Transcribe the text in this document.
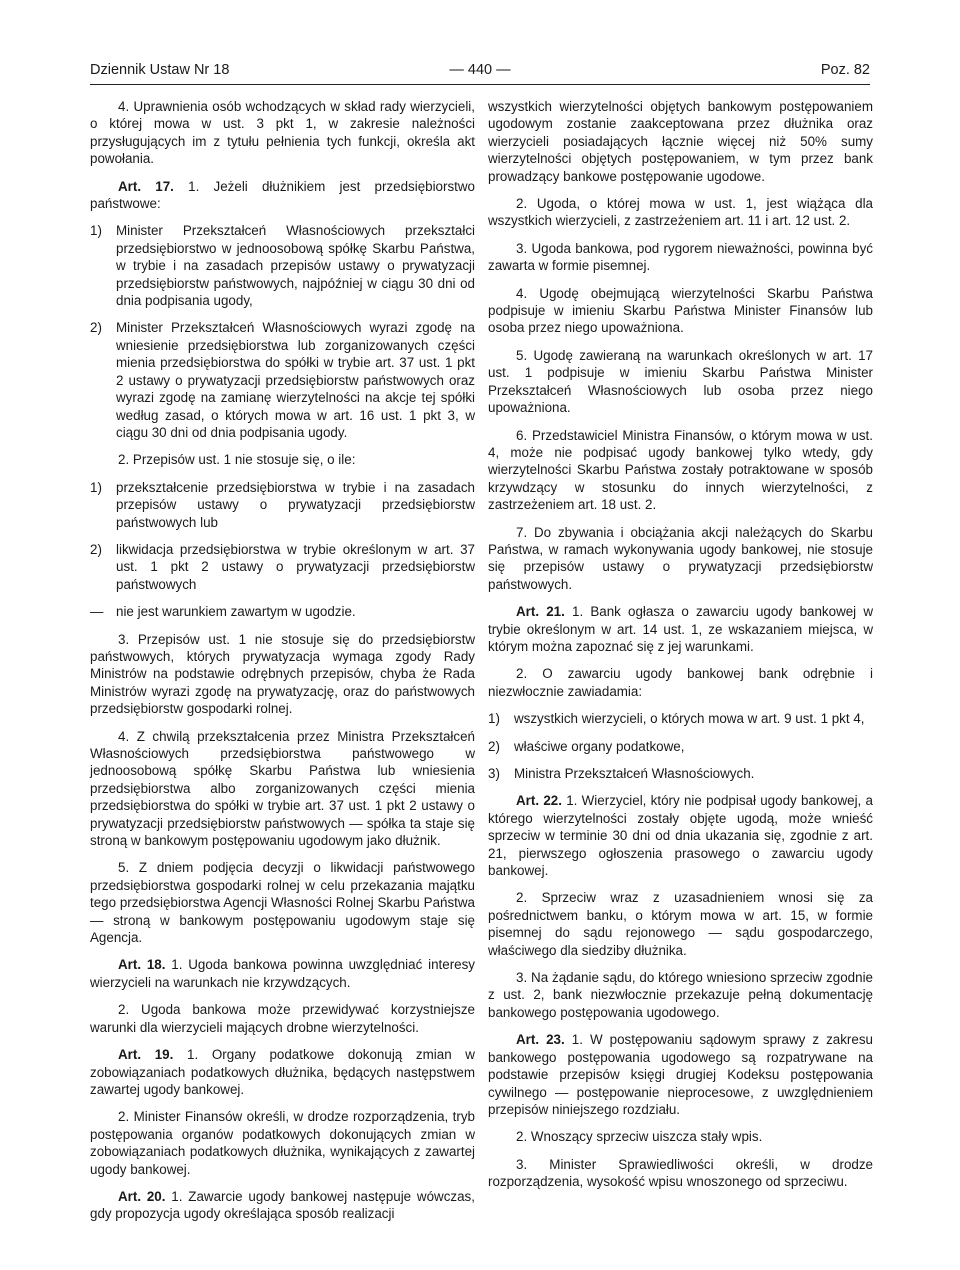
Dziennik Ustaw Nr 18	— 440 —	Poz. 82

4. Uprawnienia osób wchodzących w skład rady wierzycieli, o której mowa w ust. 3 pkt 1, w zakresie należności przysługujących im z tytułu pełnienia tych funkcji, określa akt powołania.

Art. 17. 1. Jeżeli dłużnikiem jest przedsiębiorstwo państwowe:

1)	Minister Przekształceń Własnościowych przekształci przedsiębiorstwo w jednoosobową spółkę Skarbu Państwa, w trybie i na zasadach przepisów ustawy o prywatyzacji przedsiębiorstw państwowych, najpóźniej w ciągu 30 dni od dnia podpisania ugody,
2)	Minister Przekształceń Własnościowych wyrazi zgodę na wniesienie przedsiębiorstwa lub zorganizowanych części mienia przedsiębiorstwa do spółki w trybie art. 37 ust. 1 pkt 2 ustawy o prywatyzacji przedsiębiorstw państwowych oraz wyrazi zgodę na zamianę wierzytelności na akcje tej spółki według zasad, o których mowa w art. 16 ust. 1 pkt 3, w ciągu 30 dni od dnia podpisania ugody.

2. Przepisów ust. 1 nie stosuje się, o ile:

1)	przekształcenie przedsiębiorstwa w trybie i na zasadach przepisów ustawy o prywatyzacji przedsiębiorstw państwowych lub
2)	likwidacja przedsiębiorstwa w trybie określonym w art. 37 ust. 1 pkt 2 ustawy o prywatyzacji przedsiębiorstw państwowych
— nie jest warunkiem zawartym w ugodzie.

3. Przepisów ust. 1 nie stosuje się do przedsiębiorstw państwowych, których prywatyzacja wymaga zgody Rady Ministrów na podstawie odrębnych przepisów, chyba że Rada Ministrów wyrazi zgodę na prywatyzację, oraz do państwowych przedsiębiorstw gospodarki rolnej.

4. Z chwilą przekształcenia przez Ministra Przekształceń Własnościowych przedsiębiorstwa państwowego w jednoosobową spółkę Skarbu Państwa lub wniesienia przedsiębiorstwa albo zorganizowanych części mienia przedsiębiorstwa do spółki w trybie art. 37 ust. 1 pkt 2 ustawy o prywatyzacji przedsiębiorstw państwowych — spółka ta staje się stroną w bankowym postępowaniu ugodowym jako dłużnik.

5. Z dniem podjęcia decyzji o likwidacji państwowego przedsiębiorstwa gospodarki rolnej w celu przekazania majątku tego przedsiębiorstwa Agencji Własności Rolnej Skarbu Państwa — stroną w bankowym postępowaniu ugodowym staje się Agencja.

Art. 18. 1. Ugoda bankowa powinna uwzględniać interesy wierzycieli na warunkach nie krzywdzących.

2. Ugoda bankowa może przewidywać korzystniejsze warunki dla wierzycieli mających drobne wierzytelności.

Art. 19. 1. Organy podatkowe dokonują zmian w zobowiązaniach podatkowych dłużnika, będących następstwem zawartej ugody bankowej.

2. Minister Finansów określi, w drodze rozporządzenia, tryb postępowania organów podatkowych dokonujących zmian w zobowiązaniach podatkowych dłużnika, wynikających z zawartej ugody bankowej.

Art. 20. 1. Zawarcie ugody bankowej następuje wówczas, gdy propozycja ugody określająca sposób realizacji

wszystkich wierzytelności objętych bankowym postępowaniem ugodowym zostanie zaakceptowana przez dłużnika oraz wierzycieli posiadających łącznie więcej niż 50% sumy wierzytelności objętych postępowaniem, w tym przez bank prowadzący bankowe postępowanie ugodowe.

2. Ugoda, o której mowa w ust. 1, jest wiążąca dla wszystkich wierzycieli, z zastrzeżeniem art. 11 i art. 12 ust. 2.

3. Ugoda bankowa, pod rygorem nieważności, powinna być zawarta w formie pisemnej.

4. Ugodę obejmującą wierzytelności Skarbu Państwa podpisuje w imieniu Skarbu Państwa Minister Finansów lub osoba przez niego upoważniona.

5. Ugodę zawieraną na warunkach określonych w art. 17 ust. 1 podpisuje w imieniu Skarbu Państwa Minister Przekształceń Własnościowych lub osoba przez niego upoważniona.

6. Przedstawiciel Ministra Finansów, o którym mowa w ust. 4, może nie podpisać ugody bankowej tylko wtedy, gdy wierzytelności Skarbu Państwa zostały potraktowane w sposób krzywdzący w stosunku do innych wierzytelności, z zastrzeżeniem art. 18 ust. 2.

7. Do zbywania i obciążania akcji należących do Skarbu Państwa, w ramach wykonywania ugody bankowej, nie stosuje się przepisów ustawy o prywatyzacji przedsiębiorstw państwowych.

Art. 21. 1. Bank ogłasza o zawarciu ugody bankowej w trybie określonym w art. 14 ust. 1, ze wskazaniem miejsca, w którym można zapoznać się z jej warunkami.

2. O zawarciu ugody bankowej bank odrębnie i niezwłocznie zawiadamia:

1)	wszystkich wierzycieli, o których mowa w art. 9 ust. 1 pkt 4,
2)	właściwe organy podatkowe,
3)	Ministra Przekształceń Własnościowych.

Art. 22. 1. Wierzyciel, który nie podpisał ugody bankowej, a którego wierzytelności zostały objęte ugodą, może wnieść sprzeciw w terminie 30 dni od dnia ukazania się, zgodnie z art. 21, pierwszego ogłoszenia prasowego o zawarciu ugody bankowej.

2. Sprzeciw wraz z uzasadnieniem wnosi się za pośrednictwem banku, o którym mowa w art. 15, w formie pisemnej do sądu rejonowego — sądu gospodarczego, właściwego dla siedziby dłużnika.

3. Na żądanie sądu, do którego wniesiono sprzeciw zgodnie z ust. 2, bank niezwłocznie przekazuje pełną dokumentację bankowego postępowania ugodowego.

Art. 23. 1. W postępowaniu sądowym sprawy z zakresu bankowego postępowania ugodowego są rozpatrywane na podstawie przepisów księgi drugiej Kodeksu postępowania cywilnego — postępowanie nieprocesowe, z uwzględnieniem przepisów niniejszego rozdziału.

2. Wnoszący sprzeciw uiszcza stały wpis.

3. Minister Sprawiedliwości określi, w drodze rozporządzenia, wysokość wpisu wnoszonego od sprzeciwu.
